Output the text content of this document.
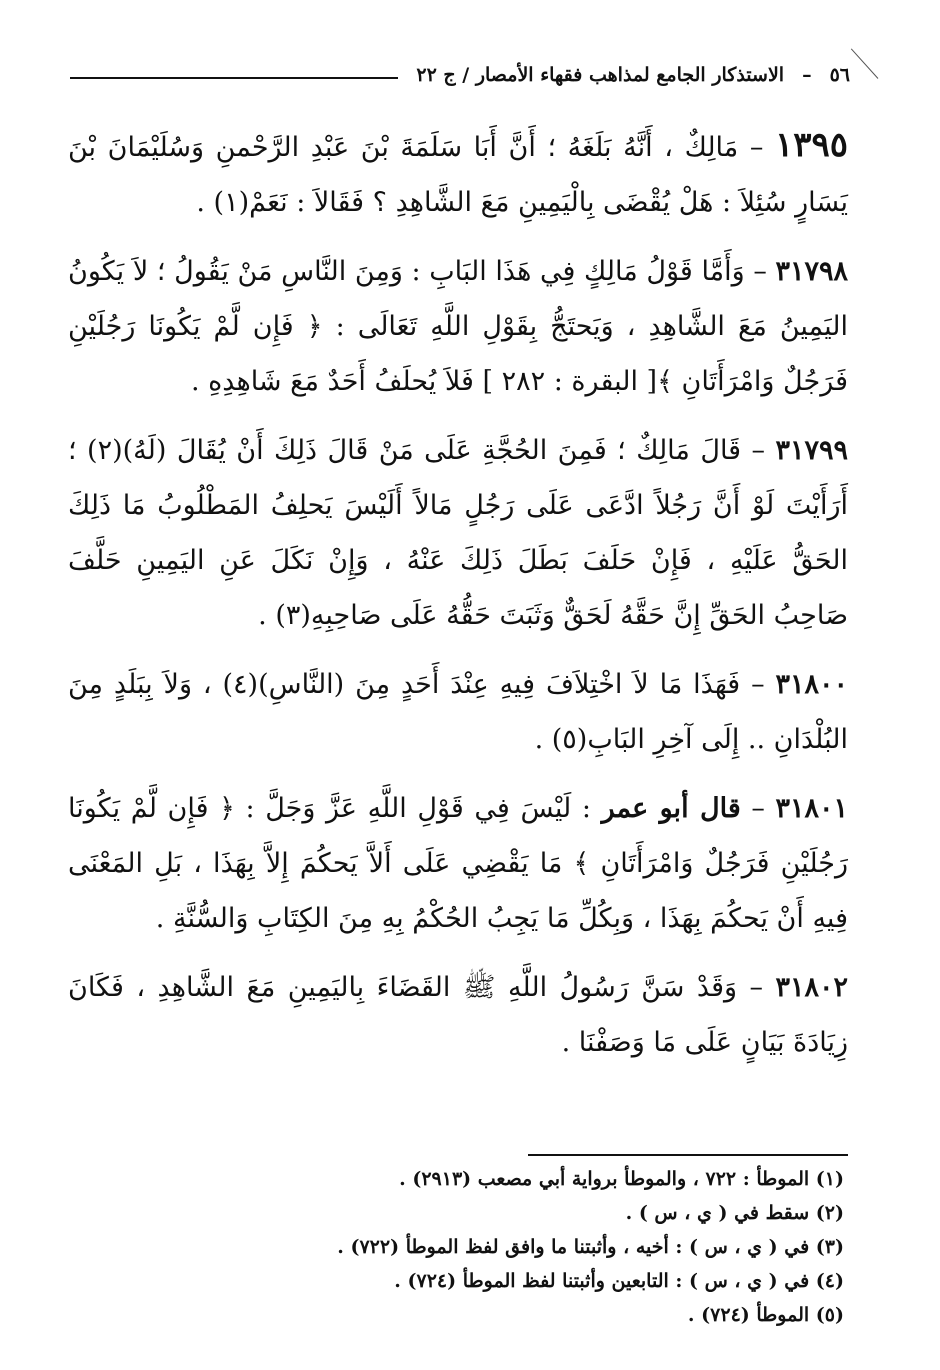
٥٦
–
الاستذكار الجامع لمذاهب فقهاء الأمصار / ج ٢٢

١٣٩٥ – مَالِكٌ ، أَنَّهُ بَلَغَهُ ؛ أَنَّ أَبَا سَلَمَةَ بْنَ عَبْدِ الرَّحْمنِ وَسُلَيْمَانَ بْنَ يَسَارٍ سُئِلاَ : هَلْ يُقْضَى بِالْيَمِينِ مَعَ الشَّاهِدِ ؟ فَقَالاَ : نَعَمْ(١) .

٣١٧٩٨ – وَأَمَّا قَوْلُ مَالِكٍ فِي هَذَا البَابِ : وَمِنَ النَّاسِ مَنْ يَقُولُ ؛ لاَ يَكُونُ اليَمِينُ مَعَ الشَّاهِدِ ، وَيَحتَجُّ بِقَوْلِ اللَّهِ تَعَالَى : ﴿ فَإِن لَّمْ يَكُونَا رَجُلَيْنِ فَرَجُلٌ وَامْرَأَتَانِ ﴾[ البقرة : ٢٨٢ ] فَلاَ يُحلَفُ أَحَدٌ مَعَ شَاهِدِهِ .

٣١٧٩٩ – قَالَ مَالِكٌ ؛ فَمِنَ الحُجَّةِ عَلَى مَنْ قَالَ ذَلِكَ أَنْ يُقَالَ (لَهُ)(٢) ؛ أَرَأَيْتَ لَوْ أَنَّ رَجُلاً ادَّعَى عَلَى رَجُلٍ مَالاً أَلَيْسَ يَحلِفُ المَطْلُوبُ مَا ذَلِكَ الحَقُّ عَلَيْهِ ، فَإِنْ حَلَفَ بَطَلَ ذَلِكَ عَنْهُ ، وَإِنْ نَكَلَ عَنِ اليَمِينِ حَلَّفَ صَاحِبُ الحَقِّ إِنَّ حَقَّهُ لَحَقٌّ وَثَبَتَ حَقُّهُ عَلَى صَاحِبِهِ(٣) .

٣١٨٠٠ – فَهَذَا مَا لاَ اخْتِلاَفَ فِيهِ عِنْدَ أَحَدٍ مِنَ (النَّاسِ)(٤) ، وَلاَ بِبَلَدٍ مِنَ البُلْدَانِ .. إِلَى آخِرِ البَابِ(٥) .

٣١٨٠١ – قال أبو عمر : لَيْسَ فِي قَوْلِ اللَّهِ عَزَّ وَجَلَّ : ﴿ فَإِن لَّمْ يَكُونَا رَجُلَيْنِ فَرَجُلٌ وَامْرَأَتَانِ ﴾ مَا يَقْضِي عَلَى أَلاَّ يَحكُمَ إِلاَّ بِهَذَا ، بَلِ المَعْنَى فِيهِ أَنْ يَحكُمَ بِهَذَا ، وَبِكُلِّ مَا يَجِبُ الحُكْمُ بِهِ مِنَ الكِتَابِ وَالسُّنَّةِ .

٣١٨٠٢ – وَقَدْ سَنَّ رَسُولُ اللَّهِ ﷺ القَضَاءَ بِاليَمِينِ مَعَ الشَّاهِدِ ، فَكَانَ زِيَادَةَ بَيَانٍ عَلَى مَا وَصَفْنَا .

(١) الموطأ : ٧٢٢ ، والموطأ برواية أبي مصعب (٢٩١٣) .

(٢) سقط في ( ي ، س ) .

(٣) في ( ي ، س ) : أخيه ، وأثبتنا ما وافق لفظ الموطأ (٧٢٢) .

(٤) في ( ي ، س ) : التابعين وأثبتنا لفظ الموطأ (٧٢٤) .

(٥) الموطأ (٧٢٤) .
